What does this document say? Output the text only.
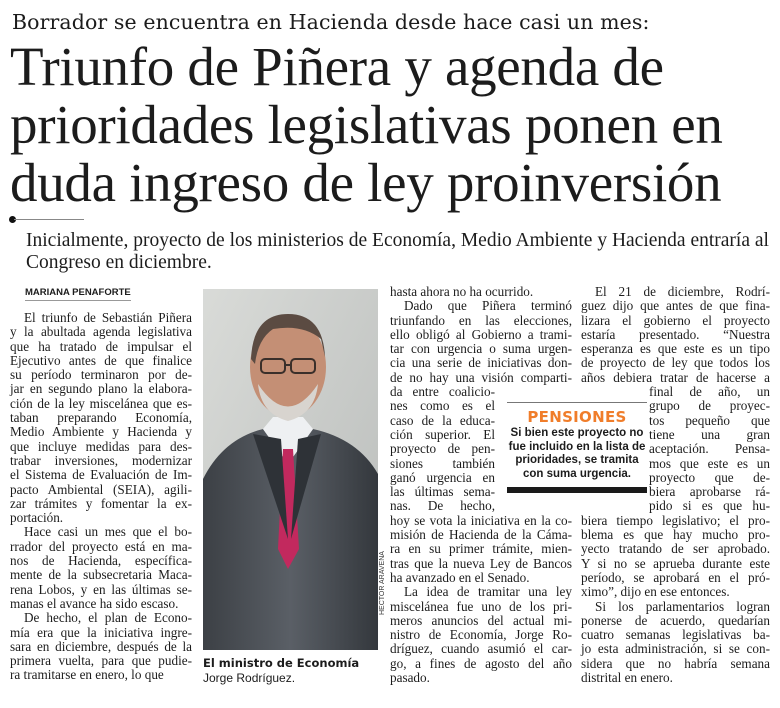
Borrador se encuentra en Hacienda desde hace casi un mes:
Triunfo de Piñera y agenda de
prioridades legislativas ponen en
duda ingreso de ley proinversión
Inicialmente, proyecto de los ministerios de Economía, Medio Ambiente y Hacienda entraría al Congreso en diciembre.
MARIANA PENAFORTE
El triunfo de Sebastián Piñera
y la abultada agenda legislativa
que ha tratado de impulsar el
Ejecutivo antes de que finalice
su período terminaron por de-
jar en segundo plano la elabora-
ción de la ley miscelánea que es-
taban preparando Economía,
Medio Ambiente y Hacienda y
que incluye medidas para des-
trabar inversiones, modernizar
el Sistema de Evaluación de Im-
pacto Ambiental (SEIA), agili-
zar trámites y fomentar la ex-
portación.
Hace casi un mes que el bo-
rrador del proyecto está en ma-
nos de Hacienda, específica-
mente de la subsecretaria Maca-
rena Lobos, y en las últimas se-
manas el avance ha sido escaso.
De hecho, el plan de Econo-
mía era que la iniciativa ingre-
sara en diciembre, después de la
primera vuelta, para que pudie-
ra tramitarse en enero, lo que
hasta ahora no ha ocurrido.
Dado que Piñera terminó
triunfando en las elecciones,
ello obligó al Gobierno a trami-
tar con urgencia o suma urgen-
cia una serie de iniciativas don-
de no hay una visión comparti-
da entre coalicio-
nes como es el
caso de la educa-
ción superior. El
proyecto de pen-
siones también
ganó urgencia en
las últimas sema-
nas. De hecho,
hoy se vota la iniciativa en la co-
misión de Hacienda de la Cáma-
ra en su primer trámite, mien-
tras que la nueva Ley de Bancos
ha avanzado en el Senado.
La idea de tramitar una ley
miscelánea fue uno de los pri-
meros anuncios del actual mi-
nistro de Economía, Jorge Ro-
dríguez, cuando asumió el car-
go, a fines de agosto del año
pasado.
El 21 de diciembre, Rodrí-
guez dijo que antes de que fina-
lizara el gobierno el proyecto
estaría presentado. “Nuestra
esperanza es que este es un tipo
de proyecto de ley que todos los
años debiera tratar de hacerse a
final de año, un
grupo de proyec-
tos pequeño que
tiene una gran
aceptación. Pensa-
mos que este es un
proyecto que de-
biera aprobarse rá-
pido si es que hu-
biera tiempo legislativo; el pro-
blema es que hay mucho pro-
yecto tratando de ser aprobado.
Y si no se aprueba durante este
período, se aprobará en el pró-
ximo”, dijo en ese entonces.
Si los parlamentarios logran
ponerse de acuerdo, quedarían
cuatro semanas legislativas ba-
jo esta administración, si se con-
sidera que no habría semana
distrital en enero.
HECTOR ARAVENA
El ministro de Economía Jorge Rodríguez.
PENSIONES
Si bien este proyecto no fue incluido en la lista de prioridades, se tramita con suma urgencia.
